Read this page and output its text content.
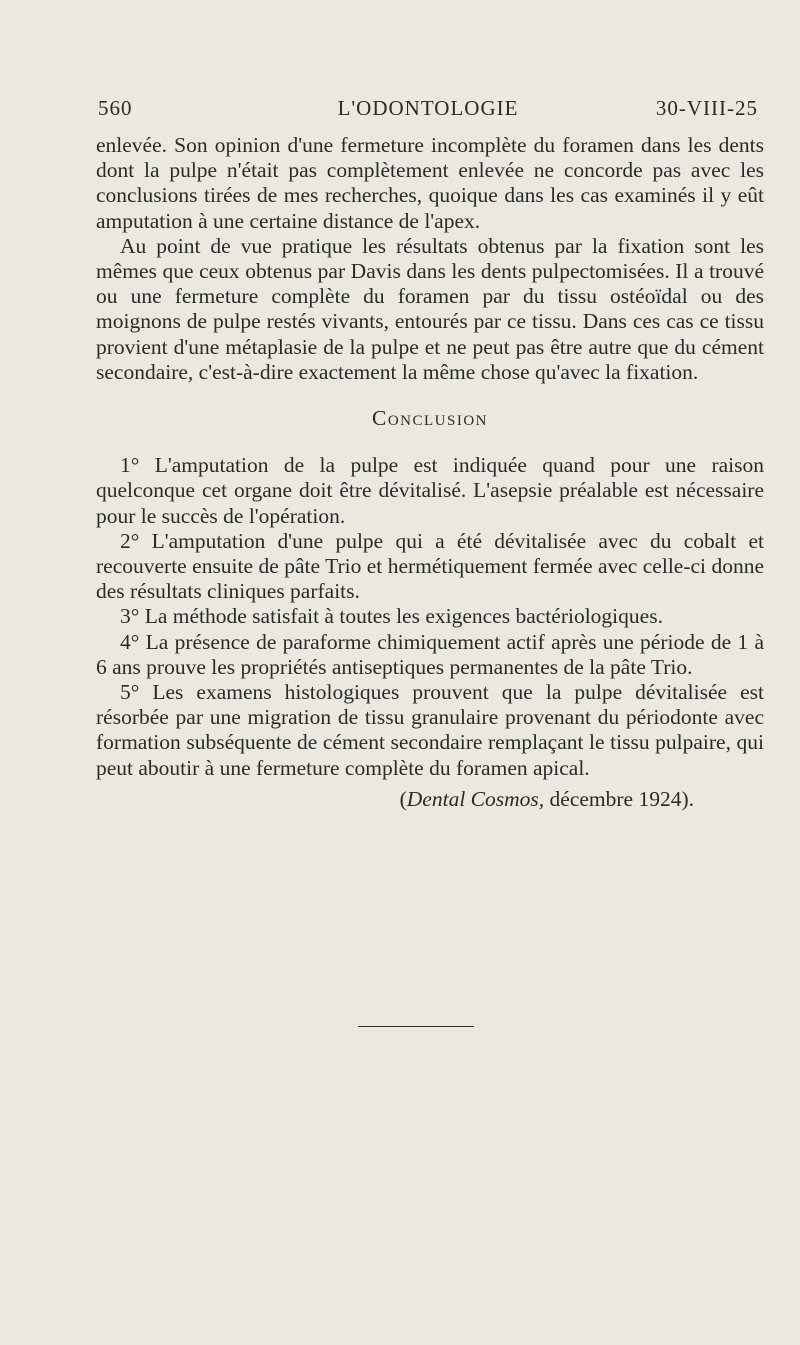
560	L'ODONTOLOGIE	30-VIII-25

enlevée. Son opinion d'une fermeture incomplète du foramen dans les dents dont la pulpe n'était pas complètement enlevée ne concorde pas avec les conclusions tirées de mes recherches, quoique dans les cas examinés il y eût amputation à une certaine distance de l'apex.

Au point de vue pratique les résultats obtenus par la fixation sont les mêmes que ceux obtenus par Davis dans les dents pulpectomisées. Il a trouvé ou une fermeture complète du foramen par du tissu ostéoïdal ou des moignons de pulpe restés vivants, entourés par ce tissu. Dans ces cas ce tissu provient d'une métaplasie de la pulpe et ne peut pas être autre que du cément secondaire, c'est-à-dire exactement la même chose qu'avec la fixation.

Conclusion

1° L'amputation de la pulpe est indiquée quand pour une raison quelconque cet organe doit être dévitalisé. L'asepsie préalable est nécessaire pour le succès de l'opération.

2° L'amputation d'une pulpe qui a été dévitalisée avec du cobalt et recouverte ensuite de pâte Trio et hermétiquement fermée avec celle-ci donne des résultats cliniques parfaits.

3° La méthode satisfait à toutes les exigences bactériologiques.

4° La présence de paraforme chimiquement actif après une période de 1 à 6 ans prouve les propriétés antiseptiques permanentes de la pâte Trio.

5° Les examens histologiques prouvent que la pulpe dévitalisée est résorbée par une migration de tissu granulaire provenant du périodonte avec formation subséquente de cément secondaire remplaçant le tissu pulpaire, qui peut aboutir à une fermeture complète du foramen apical.

(Dental Cosmos, décembre 1924).
